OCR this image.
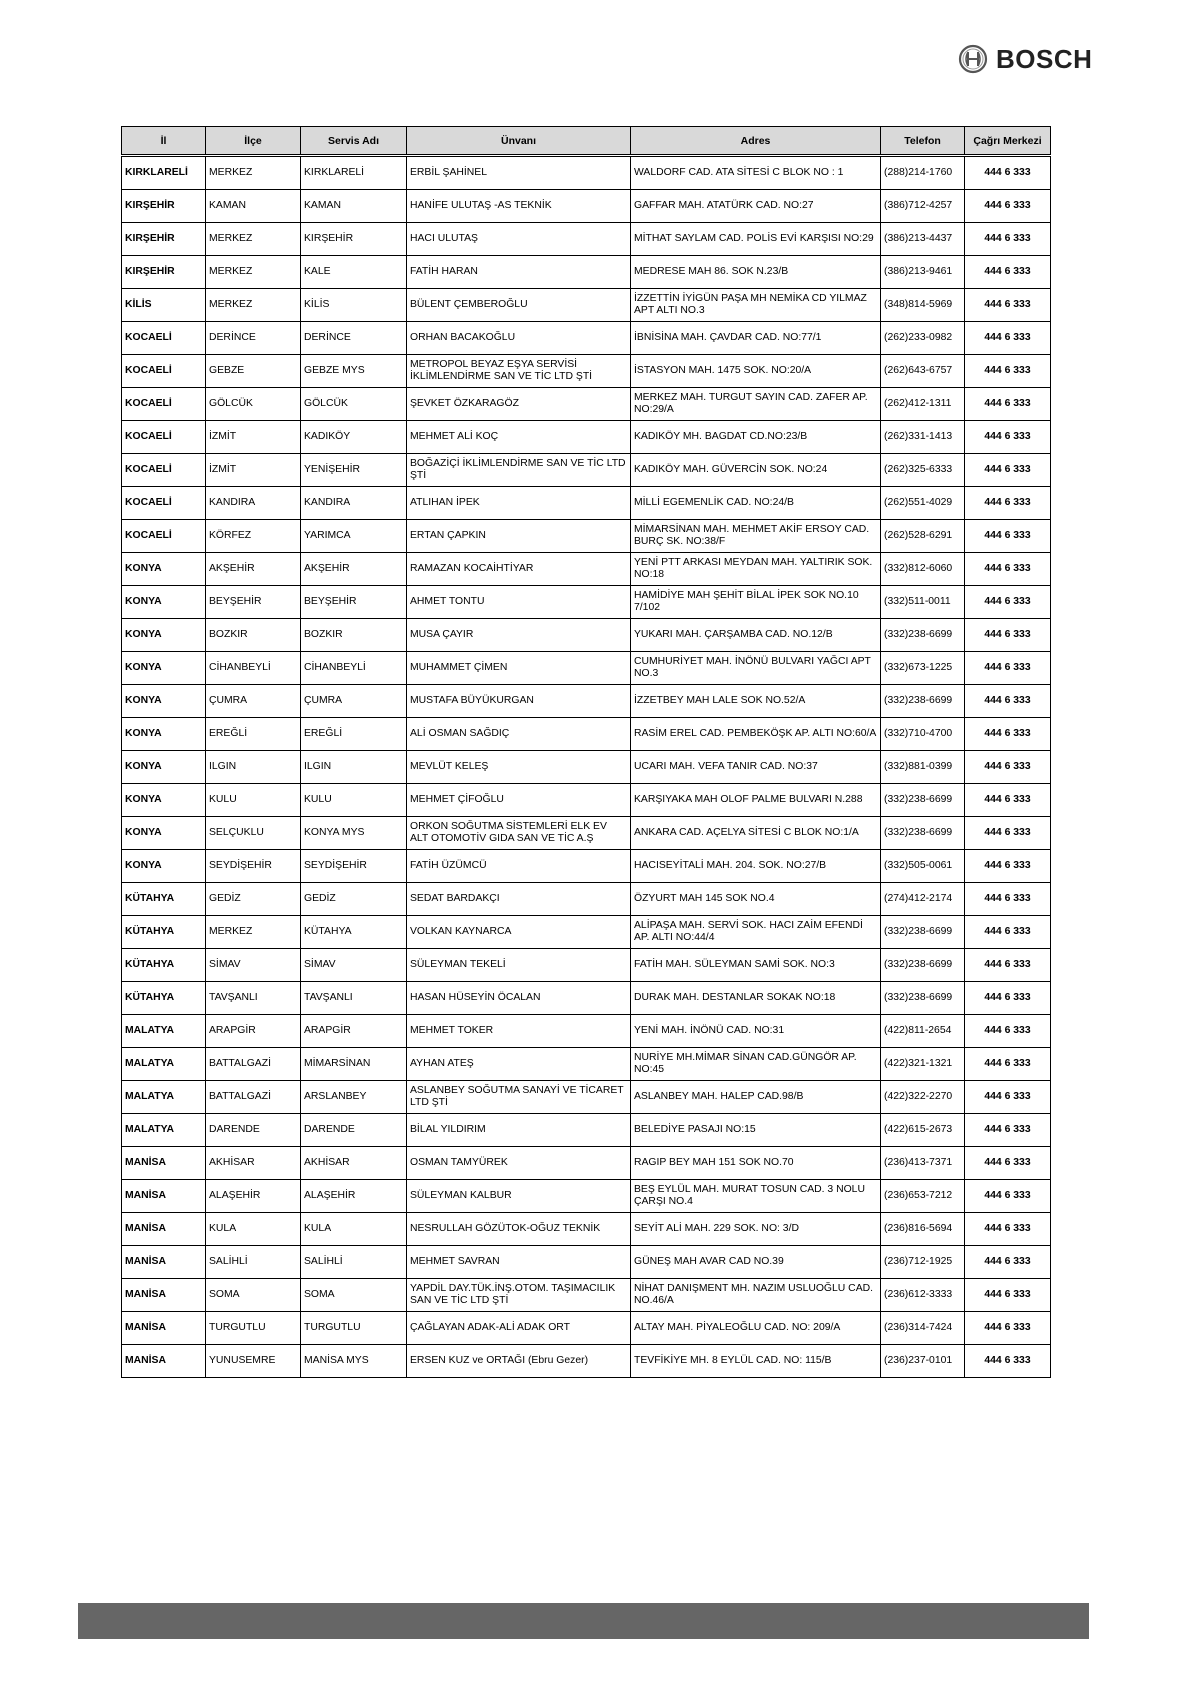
BOSCH
İl	İlçe	Servis Adı	Ünvanı	Adres	Telefon	Çağrı Merkezi
KIRKLARELİ	MERKEZ	KIRKLARELİ	ERBİL ŞAHİNEL	WALDORF CAD. ATA SİTESİ C BLOK NO : 1	(288)214-1760	444 6 333
KIRŞEHİR	KAMAN	KAMAN	HANİFE ULUTAŞ -AS TEKNİK	GAFFAR MAH. ATATÜRK CAD. NO:27	(386)712-4257	444 6 333
KIRŞEHİR	MERKEZ	KIRŞEHİR	HACI ULUTAŞ	MİTHAT SAYLAM CAD. POLİS EVİ KARŞISI NO:29	(386)213-4437	444 6 333
KIRŞEHİR	MERKEZ	KALE	FATİH HARAN	MEDRESE MAH 86. SOK N.23/B	(386)213-9461	444 6 333
KİLİS	MERKEZ	KİLİS	BÜLENT ÇEMBEROĞLU	İZZETTİN İYİGÜN PAŞA MH NEMİKA CD YILMAZ APT ALTI NO.3	(348)814-5969	444 6 333
KOCAELİ	DERİNCE	DERİNCE	ORHAN BACAKOĞLU	İBNİSİNA MAH. ÇAVDAR CAD. NO:77/1	(262)233-0982	444 6 333
KOCAELİ	GEBZE	GEBZE MYS	METROPOL BEYAZ EŞYA SERVİSİ İKLİMLENDİRME SAN VE TİC LTD ŞTİ	İSTASYON MAH. 1475 SOK. NO:20/A	(262)643-6757	444 6 333
KOCAELİ	GÖLCÜK	GÖLCÜK	ŞEVKET ÖZKARAGÖZ	MERKEZ MAH. TURGUT SAYIN CAD. ZAFER AP. NO:29/A	(262)412-1311	444 6 333
KOCAELİ	İZMİT	KADIKÖY	MEHMET ALİ KOÇ	KADIKÖY MH. BAGDAT CD.NO:23/B	(262)331-1413	444 6 333
KOCAELİ	İZMİT	YENİŞEHİR	BOĞAZİÇİ İKLİMLENDİRME SAN VE TİC LTD ŞTİ	KADIKÖY MAH. GÜVERCİN SOK. NO:24	(262)325-6333	444 6 333
KOCAELİ	KANDIRA	KANDIRA	ATLIHAN İPEK	MİLLİ EGEMENLİK CAD. NO:24/B	(262)551-4029	444 6 333
KOCAELİ	KÖRFEZ	YARIMCA	ERTAN ÇAPKIN	MİMARSİNAN MAH. MEHMET AKİF ERSOY CAD. BURÇ SK. NO:38/F	(262)528-6291	444 6 333
KONYA	AKŞEHİR	AKŞEHİR	RAMAZAN KOCAİHTİYAR	YENİ PTT ARKASI MEYDAN MAH. YALTIRIK SOK. NO:18	(332)812-6060	444 6 333
KONYA	BEYŞEHİR	BEYŞEHİR	AHMET TONTU	HAMİDİYE MAH ŞEHİT BİLAL İPEK SOK NO.10 7/102	(332)511-0011	444 6 333
KONYA	BOZKIR	BOZKIR	MUSA ÇAYIR	YUKARI MAH. ÇARŞAMBA CAD. NO.12/B	(332)238-6699	444 6 333
KONYA	CİHANBEYLİ	CİHANBEYLİ	MUHAMMET ÇİMEN	CUMHURİYET MAH. İNÖNÜ BULVARI YAĞCI APT NO.3	(332)673-1225	444 6 333
KONYA	ÇUMRA	ÇUMRA	MUSTAFA BÜYÜKURGAN	İZZETBEY MAH LALE SOK NO.52/A	(332)238-6699	444 6 333
KONYA	EREĞLİ	EREĞLİ	ALİ OSMAN SAĞDIÇ	RASİM EREL CAD. PEMBEKÖŞK AP. ALTI NO:60/A	(332)710-4700	444 6 333
KONYA	ILGIN	ILGIN	MEVLÜT KELEŞ	UCARI MAH. VEFA TANIR CAD. NO:37	(332)881-0399	444 6 333
KONYA	KULU	KULU	MEHMET ÇİFOĞLU	KARŞIYAKA MAH OLOF PALME BULVARI N.288	(332)238-6699	444 6 333
KONYA	SELÇUKLU	KONYA MYS	ORKON SOĞUTMA SİSTEMLERİ ELK EV ALT OTOMOTİV GIDA SAN VE TİC A.Ş	ANKARA CAD. AÇELYA SİTESİ C BLOK NO:1/A	(332)238-6699	444 6 333
KONYA	SEYDİŞEHİR	SEYDİŞEHİR	FATİH ÜZÜMCÜ	HACISEYİTALİ MAH. 204. SOK. NO:27/B	(332)505-0061	444 6 333
KÜTAHYA	GEDİZ	GEDİZ	SEDAT BARDAKÇI	ÖZYURT MAH 145 SOK NO.4	(274)412-2174	444 6 333
KÜTAHYA	MERKEZ	KÜTAHYA	VOLKAN KAYNARCA	ALİPAŞA MAH. SERVİ SOK. HACI ZAİM EFENDİ AP. ALTI NO:44/4	(332)238-6699	444 6 333
KÜTAHYA	SİMAV	SİMAV	SÜLEYMAN TEKELİ	FATİH MAH. SÜLEYMAN SAMİ SOK. NO:3	(332)238-6699	444 6 333
KÜTAHYA	TAVŞANLI	TAVŞANLI	HASAN HÜSEYİN ÖCALAN	DURAK MAH. DESTANLAR SOKAK NO:18	(332)238-6699	444 6 333
MALATYA	ARAPGİR	ARAPGİR	MEHMET TOKER	YENİ MAH. İNÖNÜ CAD. NO:31	(422)811-2654	444 6 333
MALATYA	BATTALGAZİ	MİMARSİNAN	AYHAN ATEŞ	NURİYE MH.MİMAR SİNAN CAD.GÜNGÖR AP. NO:45	(422)321-1321	444 6 333
MALATYA	BATTALGAZİ	ARSLANBEY	ASLANBEY SOĞUTMA SANAYİ VE TİCARET LTD ŞTİ	ASLANBEY MAH. HALEP CAD.98/B	(422)322-2270	444 6 333
MALATYA	DARENDE	DARENDE	BİLAL YILDIRIM	BELEDİYE PASAJI NO:15	(422)615-2673	444 6 333
MANİSA	AKHİSAR	AKHİSAR	OSMAN TAMYÜREK	RAGIP BEY MAH 151 SOK NO.70	(236)413-7371	444 6 333
MANİSA	ALAŞEHİR	ALAŞEHİR	SÜLEYMAN KALBUR	BEŞ EYLÜL MAH. MURAT TOSUN CAD. 3 NOLU ÇARŞI NO.4	(236)653-7212	444 6 333
MANİSA	KULA	KULA	NESRULLAH GÖZÜTOK-OĞUZ TEKNİK	SEYİT ALİ MAH. 229 SOK. NO: 3/D	(236)816-5694	444 6 333
MANİSA	SALİHLİ	SALİHLİ	MEHMET SAVRAN	GÜNEŞ MAH AVAR CAD NO.39	(236)712-1925	444 6 333
MANİSA	SOMA	SOMA	YAPDİL DAY.TÜK.İNŞ.OTOM. TAŞIMACILIK SAN VE TİC LTD ŞTİ	NİHAT DANIŞMENT MH. NAZIM USLUOĞLU CAD. NO.46/A	(236)612-3333	444 6 333
MANİSA	TURGUTLU	TURGUTLU	ÇAĞLAYAN ADAK-ALİ ADAK ORT	ALTAY MAH. PİYALEOĞLU CAD. NO: 209/A	(236)314-7424	444 6 333
MANİSA	YUNUSEMRE	MANİSA MYS	ERSEN KUZ ve ORTAĞI (Ebru Gezer)	TEVFİKİYE MH. 8 EYLÜL CAD. NO: 115/B	(236)237-0101	444 6 333
